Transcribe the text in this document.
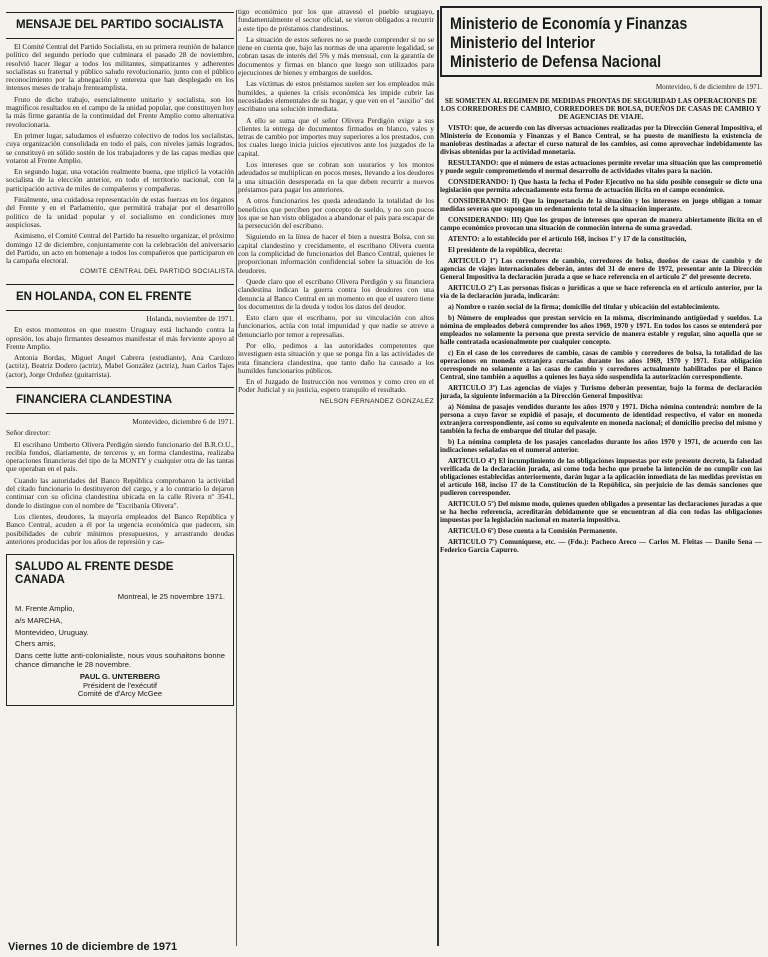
MENSAJE DEL PARTIDO SOCIALISTA

El Comité Central del Partido Socialista, en su primera reunión de balance político del segundo período que culminara el pasado 28 de noviembre, resolvió hacer llegar a todos los militantes, simpatizantes y adherentes socialistas su fraternal y público saludo revolucionario, junto con el público reconocimiento por la abnegación y entereza que han desplegado en los intensos meses de trabajo frenteamplista.

Fruto de dicho trabajo, esencialmente unitario y socialista, son los magníficos resultados en el campo de la unidad popular, que constituyen hoy la más firme garantía de la continuidad del Frente Amplio como alternativa revolucionaria.

En primer lugar, saludamos el esfuerzo colectivo de todos los socialistas, cuya organización consolidada en todo el país, con niveles jamás logrados, se constituyó en sólido sostén de los trabajadores y de las capas medias que votaron al Frente Amplio.

En segundo lugar, una votación realmente buena, que triplicó la votación socialista de la elección anterior, en todo el territorio nacional, con la participación activa de miles de compañeros y compañeras.

Finalmente, una cuidadosa representación de estas fuerzas en los órganos del Frente y en el Parlamento, que permitirá trabajar por el desarrollo político de la unidad popular y el socialismo en condiciones muy auspiciosas.

Asimismo, el Comité Central del Partido ha resuelto organizar, el próximo domingo 12 de diciembre, conjuntamente con la celebración del aniversario del Partido, un acto en homenaje a todos los compañeros que participaron en la campaña electoral.

COMITE CENTRAL DEL PARTIDO SOCIALISTA
EN HOLANDA, CON EL FRENTE

Holanda, noviembre de 1971.

En estos momentos en que nuestro Uruguay está luchando contra la opresión, los abajo firmantes deseamos manifestar el más ferviente apoyo al Frente Amplio.

Antonia Bordas, Miguel Angel Cabrera (estudiante), Ana Cardozo (actriz), Beatriz Dodero (actriz), Mabel González (actriz), Juan Carlos Tajes (actor), Jorge Ordoñez (guitarrista).

FINANCIERA CLANDESTINA

Montevideo, diciembre 6 de 1971.

Señor director:

El escribano Umberto Olivera Perdigón siendo funcionario del B.R.O.U., recibía fondos, diariamente, de terceros y, en forma clandestina, realizaba operaciones financieras del tipo de la MONTY y cualquier otra de las tantas que operaban en el país.

Cuando las autoridades del Banco República comprobaron la actividad del citado funcionario lo destituyeron del cargo, y a lo contrario lo dejaron continuar con su oficina clandestina ubicada en la calle Rivera nº 3541, donde lo distingue con el nombre de "Escribanía Olivera".

Los clientes, deudores, la mayoría empleados del Banco República y Banco Central, acuden a él por la urgencia económica que padecen, sin posibilidades de cubrir mínimos presupuestos, y arrastrando deudas anteriores producidas por los años de represión y cas-

SALUDO AL FRENTE DESDE CANADA

Montreal, le 25 novembre 1971.

M. Frente Amplio,

a/s MARCHA,

Montevideo, Uruguay.

Chers amis,

Dans cette lutte anti-colonialiste, nous vous souhaitons bonne chance dimanche le 28 novembre.

PAUL G. UNTERBERG
Président de l'exécutif
Comité de d'Arcy McGee

tigo económico por los que atravesó el pueblo uruguayo, fundamentalmente el sector oficial, se vieron obligados a recurrir a este tipo de préstamos clandestinos.

La situación de estos señores no se puede comprender si no se tiene en cuenta que, bajo las normas de una aparente legalidad, se cobran tasas de interés del 5% y más mensual, con la garantía de documentos y firmas en blanco que luego son utilizados para ejecuciones de bienes y embargos de sueldos.

Las víctimas de estos préstamos suelen ser los empleados más humildes, a quienes la crisis económica les impide cubrir las necesidades elementales de su hogar, y que ven en el "auxilio" del escribano una solución inmediata.

A ello se suma que el señor Olivera Perdigón exige a sus clientes la entrega de documentos firmados en blanco, vales y letras de cambio por importes muy superiores a los prestados, con los cuales luego inicia juicios ejecutivos ante los juzgados de la capital.

Los intereses que se cobran son usurarios y los montos adeudados se multiplican en pocos meses, llevando a los deudores a una situación desesperada en la que deben recurrir a nuevos préstamos para pagar los anteriores.

A otros funcionarios les queda adeudando la totalidad de los beneficios que perciben por concepto de sueldo, y no son pocos los que se han visto obligados a abandonar el país para escapar de la persecución del escribano.

Siguiendo en la línea de hacer el bien a nuestra Bolsa, con su capital clandestino y crecidamente, el escribano Olivera cuenta con la complicidad de funcionarios del Banco Central, quienes le proporcionan información confidencial sobre la situación de los deudores.

Quede claro que el escribano Olivera Perdigón y su financiera clandestina indican la guerra contra los deudores con una denuncia al Banco Central en un momento en que el usurero tiene los documentos de la deuda y todos los datos del deudor.

Esto claro que el escribano, por su vinculación con altos funcionarios, actúa con total impunidad y que nadie se atreve a denunciarlo por temor a represalias.

Por ello, pedimos a las autoridades competentes que investiguen esta situación y que se ponga fin a las actividades de esta financiera clandestina, que tanto daño ha causado a los humildes funcionarios públicos.

En el Juzgado de Instrucción nos veremos y como creo en el Poder Judicial y su justicia, espero tranquilo el resultado.

NELSON FERNANDEZ GONZALEZ
Ministerio de Economía y Finanzas
Ministerio del Interior
Ministerio de Defensa Nacional

Montevideo, 6 de diciembre de 1971.

SE SOMETEN AL REGIMEN DE MEDIDAS PRONTAS DE SEGURIDAD LAS OPERACIONES DE LOS CORREDORES DE CAMBIO, CORREDORES DE BOLSA, DUEÑOS DE CASAS DE CAMBIO Y DE AGENCIAS DE VIAJE.

VISTO: que, de acuerdo con las diversas actuaciones realizadas por la Dirección General Impositiva, el Ministerio de Economía y Finanzas y el Banco Central, se ha puesto de manifiesto la existencia de maniobras destinadas a afectar el curso natural de los cambios, así como aprovechar indebidamente las divisas obtenidas por la actividad monetaria.

RESULTANDO: que el número de estas actuaciones permite revelar una situación que las comprometió y puede seguir comprometiendo el normal desarrollo de actividades vitales para la nación.

CONSIDERANDO: I) Que hasta la fecha el Poder Ejecutivo no ha sido posible conseguir se dicte una legislación que permita adecuadamente esta forma de actuación ilícita en el campo económico.

CONSIDERANDO: II) Que la importancia de la situación y los intereses en juego obligan a tomar medidas severas que supongan un ordenamiento total de la situación imperante.

CONSIDERANDO: III) Que los grupos de intereses que operan de manera abiertamente ilícita en el campo económico provocan una situación de conmoción interna de suma gravedad.

ATENTO: a lo establecido por el artículo 168, incisos 1º y 17 de la constitución,

El presidente de la república, decreta:

ARTICULO 1º) Los corredores de cambio, corredores de bolsa, dueños de casas de cambio y de agencias de viajes internacionales deberán, antes del 31 de enero de 1972, presentar ante la Dirección General Impositiva la declaración jurada a que se hace referencia en el artículo 2º del presente decreto.

ARTICULO 2º) Las personas físicas o jurídicas a que se hace referencia en el artículo anterior, por la vía de la declaración jurada, indicarán:

a) Nombre o razón social de la firma; domicilio del titular y ubicación del establecimiento.

b) Número de empleados que prestan servicio en la misma, discriminando antigüedad y sueldos. La nómina de empleados deberá comprender los años 1969, 1970 y 1971. En todos los casos se entenderá por empleados no solamente la persona que presta servicio de manera estable y regular, sino aquella que se halle contratada ocasionalmente por cualquier concepto.

c) En el caso de los corredores de cambio, casas de cambio y corredores de bolsa, la totalidad de las operaciones en moneda extranjera cursadas durante los años 1969, 1970 y 1971. Esta obligación corresponde no solamente a las casas de cambio y corredores actualmente habilitados por el Banco Central, sino también a aquellos a quienes les haya sido suspendida la autorización correspondiente.

ARTICULO 3º) Las agencias de viajes y Turismo deberán presentar, bajo la forma de declaración jurada, la siguiente información a la Dirección General Impositiva:

a) Nómina de pasajes vendidos durante los años 1970 y 1971. Dicha nómina contendrá: nombre de la persona a cuyo favor se expidió el pasaje, el documento de identidad respectivo, el valor en moneda extranjera correspondiente, así como su equivalente en moneda nacional; el domicilio preciso del mismo y también la fecha de embarque del titular del pasaje.

b) La nómina completa de los pasajes cancelados durante los años 1970 y 1971, de acuerdo con las indicaciones señaladas en el numeral anterior.

ARTICULO 4º) El incumplimiento de las obligaciones impuestas por este presente decreto, la falsedad verificada de la declaración jurada, así como toda hecho que pruebe la intención de no cumplir con las obligaciones establecidas anteriormente, darán lugar a la aplicación inmediata de las medidas previstas en el artículo 168, inciso 17 de la Constitución de la República, sin perjuicio de las demás sanciones que pudieren corresponder.

ARTICULO 5º) Del mismo modo, quienes queden obligados a presentar las declaraciones juradas a que se ha hecho referencia, acreditarán debidamente que se encuentran al día con todas las obligaciones impuestas por la legislación nacional en materia impositiva.

ARTICULO 6º) Dese cuenta a la Comisión Permanente.

ARTICULO 7º) Comuníquese, etc. — (Fdo.): Pacheco Areco — Carlos M. Fleitas — Danilo Sena — Federico García Capurro.

Viernes 10 de diciembre de 1971
